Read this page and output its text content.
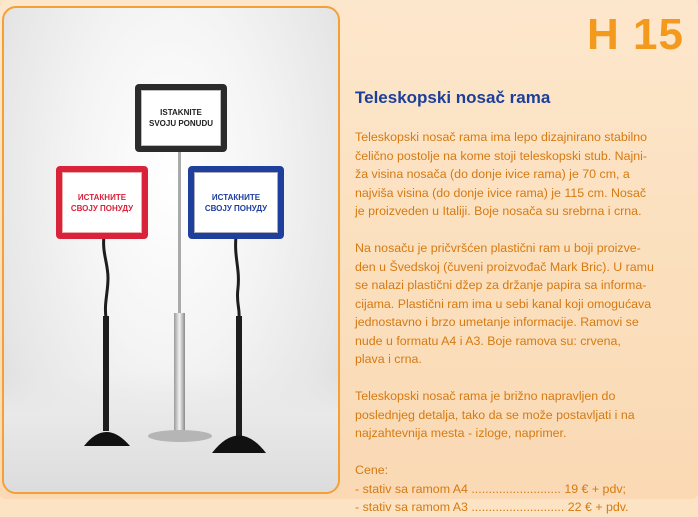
ISTAKNITE
SVOJU PONUDU
ИСТАКНИТЕ
СВОЈУ ПОНУДУ
ИСТАКНИТЕ
СВОЈУ ПОНУДУ
H 15
Teleskopski nosač rama

Teleskopski nosač rama ima lepo dizajnirano stabilno
čelično postolje na kome stoji teleskopski stub. Najni-
ža visina nosača (do donje ivice rama) je 70 cm, a
najviša visina (do donje ivice rama) je 115 cm. Nosač
je proizveden u Italiji. Boje nosača su srebrna i crna.

Na nosaču je pričvršćen plastični ram u boji proizve-
den u Švedskoj (čuveni proizvođač Mark Bric). U ramu
se nalazi plastični džep za držanje papira sa informa-
cijama. Plastični ram ima u sebi kanal koji omogućava
jednostavno i brzo umetanje informacije. Ramovi se
nude u formatu A4 i A3. Boje ramova su: crvena,
plava i crna.

Teleskopski nosač rama je brižno napravljen do
poslednjeg detalja, tako da se može postavljati i na
najzahtevnija mesta - izloge, naprimer.

Cene:
- stativ sa ramom A4 .......................... 19 € + pdv;
- stativ sa ramom A3 ........................... 22 € + pdv.
